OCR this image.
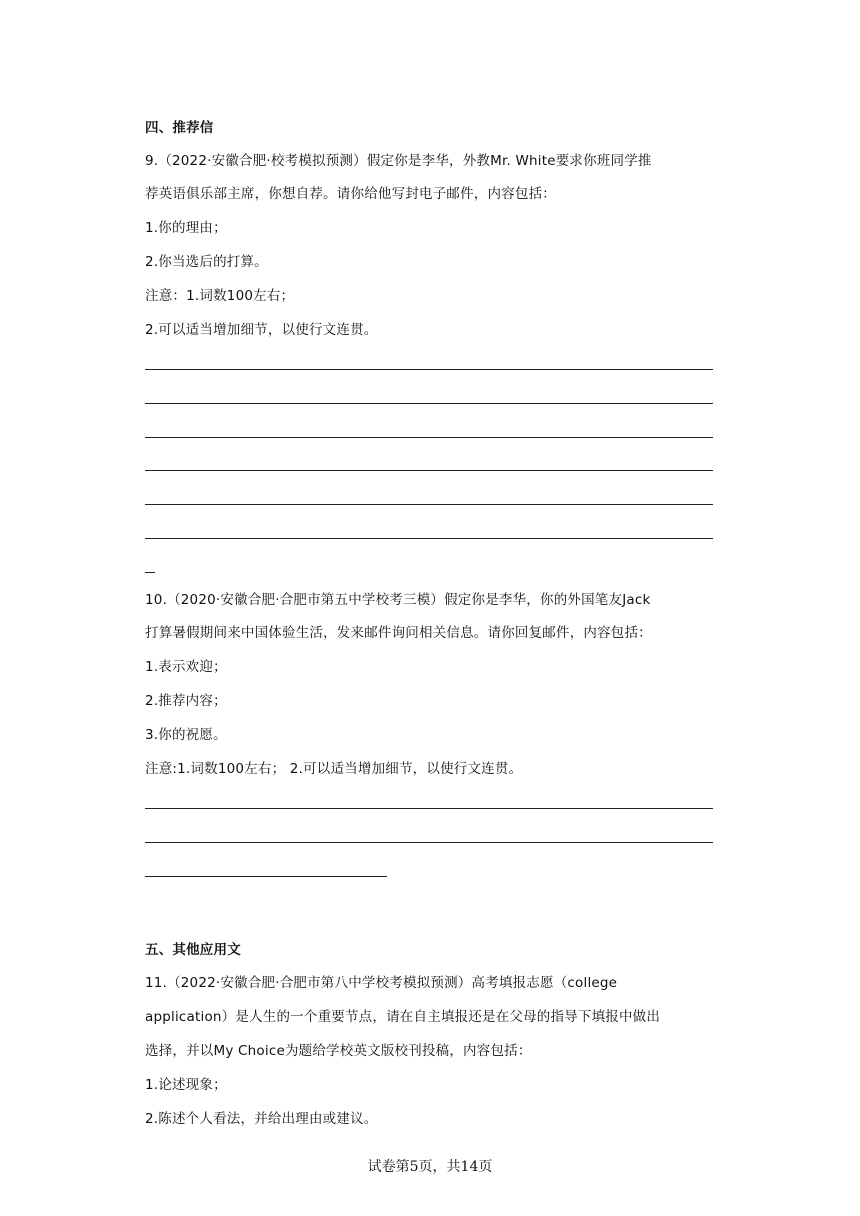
四、推荐信
9.（2022·安徽合肥·校考模拟预测）假定你是李华，外教Mr. White要求你班同学推
荐英语俱乐部主席，你想自荐。请你给他写封电子邮件，内容包括：
1.你的理由；
2.你当选后的打算。
注意：1.词数100左右；
2.可以适当增加细节，以使行文连贯。
10.（2020·安徽合肥·合肥市第五中学校考三模）假定你是李华，你的外国笔友Jack
打算暑假期间来中国体验生活，发来邮件询问相关信息。请你回复邮件，内容包括：
1.表示欢迎；
2.推荐内容；
3.你的祝愿。
注意:1.词数100左右； 2.可以适当增加细节，以使行文连贯。
五、其他应用文
11.（2022·安徽合肥·合肥市第八中学校考模拟预测）高考填报志愿（college
application）是人生的一个重要节点，请在自主填报还是在父母的指导下填报中做出
选择，并以My Choice为题给学校英文版校刊投稿，内容包括：
1.论述现象；
2.陈述个人看法，并给出理由或建议。
试卷第5页，共14页
